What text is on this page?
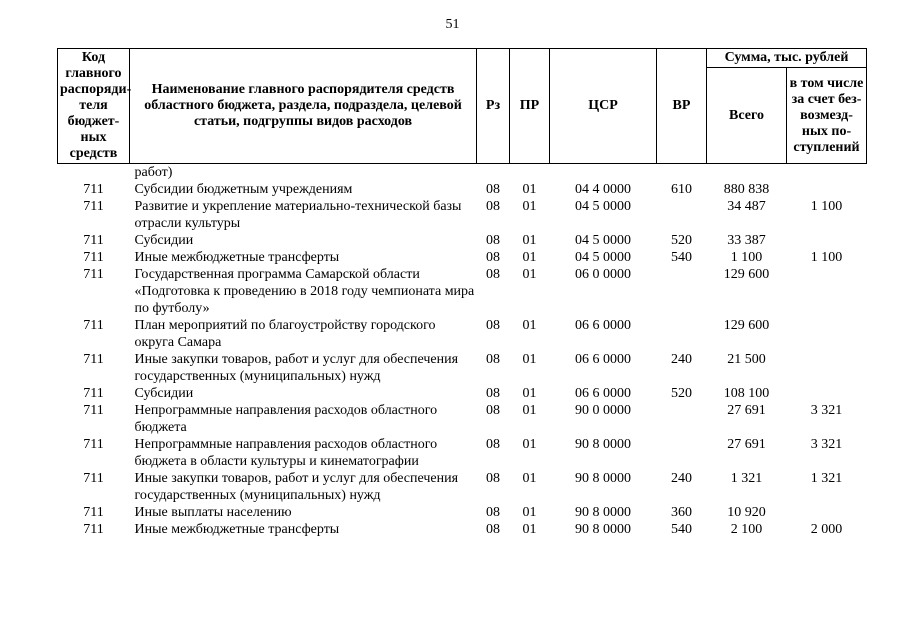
51
Код главного распоряди-теля бюджет-ных средств	Наименование главного распорядителя средств областного бюджета, раздела, подраздела, целевой статьи, подгруппы видов расходов	Рз	ПР	ЦСР	ВР	Сумма, тыс. рублей	
						Всего	в том числе за счет без-возмезд-ных по-ступлений
	работ)						
711	Субсидии бюджетным учреждениям	08	01	04 4 0000	610	880 838	
711	Развитие и укрепление материально-технической базы отрасли культуры	08	01	04 5 0000		34 487	1 100
711	Субсидии	08	01	04 5 0000	520	33 387	
711	Иные межбюджетные трансферты	08	01	04 5 0000	540	1 100	1 100
711	Государственная программа Самарской области «Подготовка к проведению в 2018 году чемпионата мира по футболу»	08	01	06 0 0000		129 600	
711	План мероприятий по благоустройству городского округа Самара	08	01	06 6 0000		129 600	
711	Иные закупки товаров, работ и услуг для обеспечения государственных (муниципальных) нужд	08	01	06 6 0000	240	21 500	
711	Субсидии	08	01	06 6 0000	520	108 100	
711	Непрограммные направления расходов областного бюджета	08	01	90 0 0000		27 691	3 321
711	Непрограммные направления расходов областного бюджета в области культуры и кинематографии	08	01	90 8 0000		27 691	3 321
711	Иные закупки товаров, работ и услуг для обеспечения государственных (муниципальных) нужд	08	01	90 8 0000	240	1 321	1 321
711	Иные выплаты населению	08	01	90 8 0000	360	10 920	
711	Иные межбюджетные трансферты	08	01	90 8 0000	540	2 100	2 000
